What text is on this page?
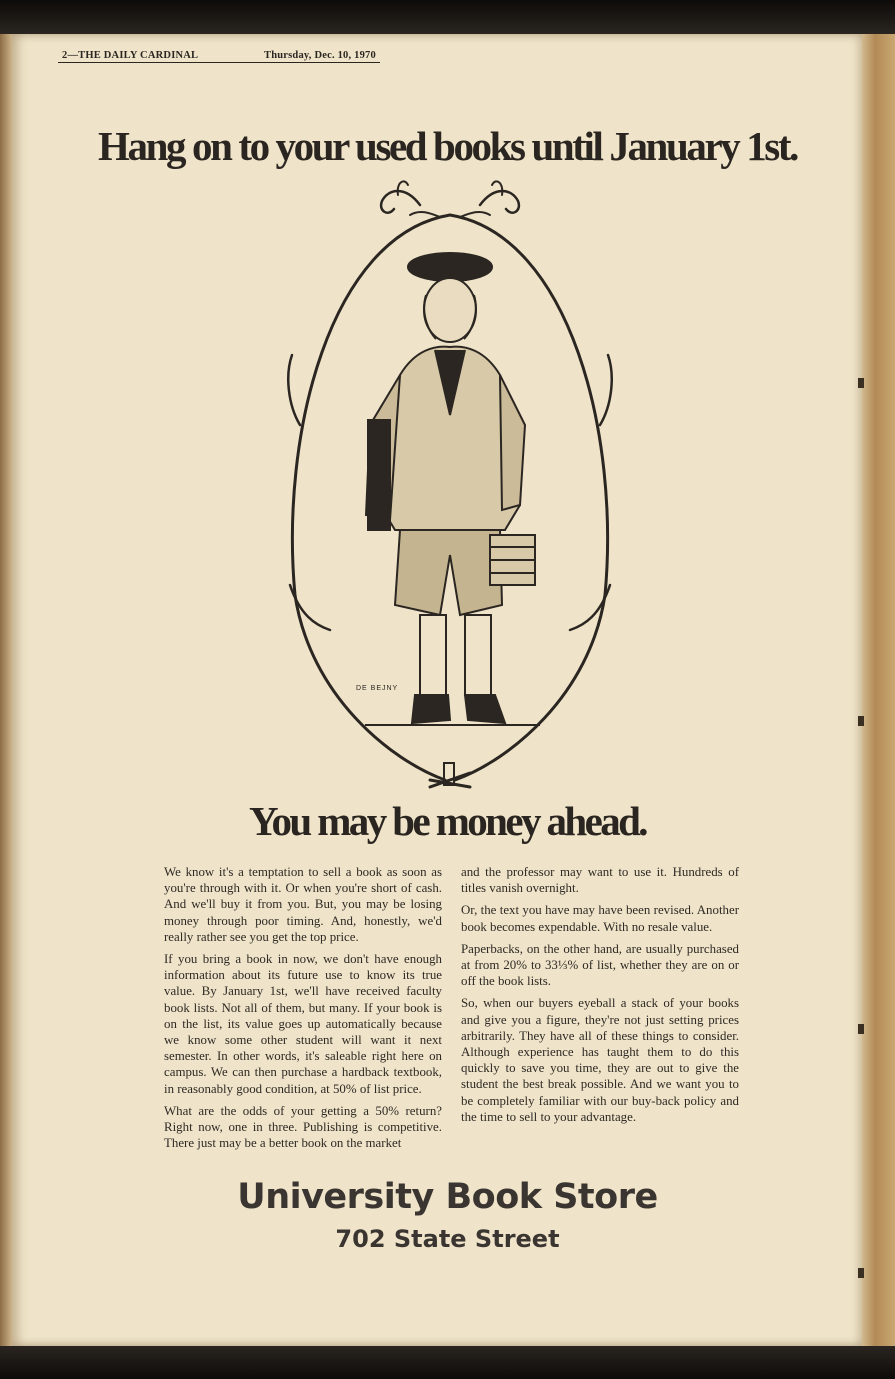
2—THE DAILY CARDINAL	Thursday, Dec. 10, 1970
Hang on to your used books until January 1st.
DE BEJNY
You may be money ahead.

We know it's a temptation to sell a book as soon as you're through with it. Or when you're short of cash. And we'll buy it from you. But, you may be losing money through poor timing. And, honestly, we'd really rather see you get the top price.

If you bring a book in now, we don't have enough information about its future use to know its true value. By January 1st, we'll have received faculty book lists. Not all of them, but many. If your book is on the list, its value goes up automatically because we know some other student will want it next semester. In other words, it's saleable right here on campus. We can then purchase a hardback textbook, in reasonably good condition, at 50% of list price.

What are the odds of your getting a 50% return? Right now, one in three. Publishing is competitive. There just may be a better book on the market

and the professor may want to use it. Hundreds of titles vanish overnight.

Or, the text you have may have been revised. Another book becomes expendable. With no resale value.

Paperbacks, on the other hand, are usually purchased at from 20% to 33⅓% of list, whether they are on or off the book lists.

So, when our buyers eyeball a stack of your books and give you a figure, they're not just setting prices arbitrarily. They have all of these things to consider. Although experience has taught them to do this quickly to save you time, they are out to give the student the best break possible. And we want you to be completely familiar with our buy-back policy and the time to sell to your advantage.

University Book Store
702 State Street
